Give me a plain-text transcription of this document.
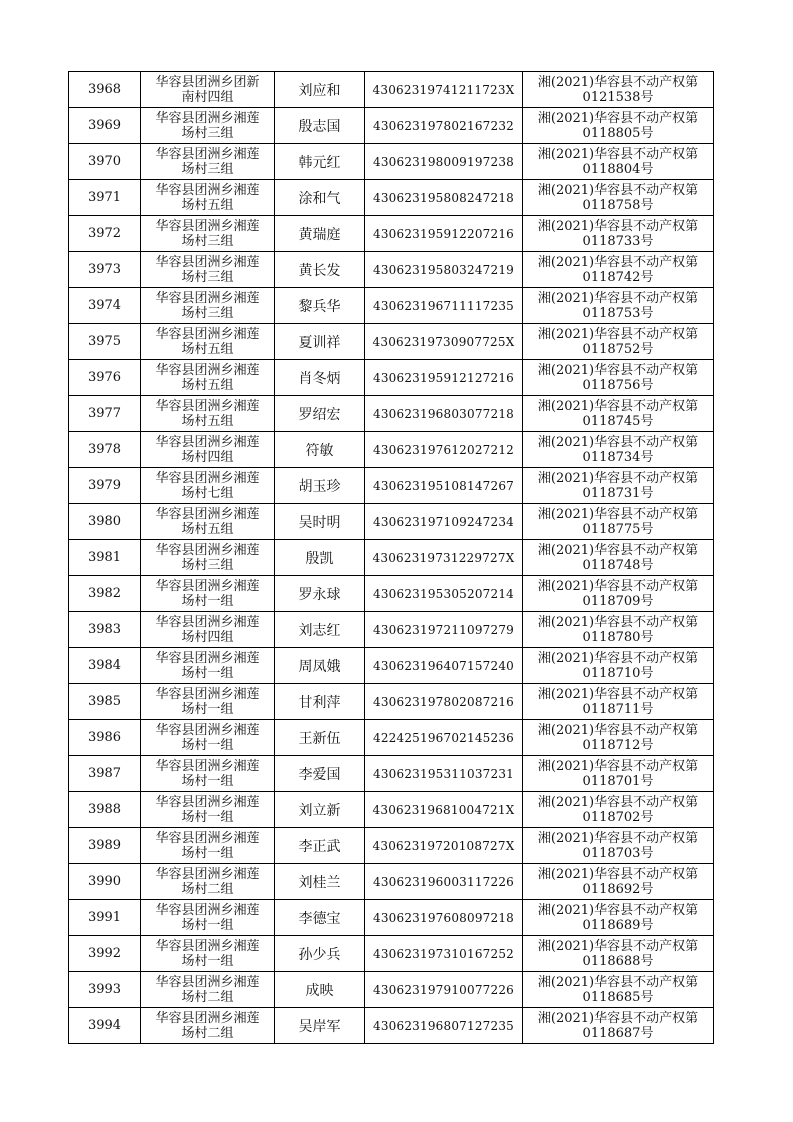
3968	华容县团洲乡团新
南村四组	刘应和	43062319741211723X	湘(2021)华容县不动产权第
0121538号

3969	华容县团洲乡湘莲
场村三组	殷志国	430623197802167232	湘(2021)华容县不动产权第
0118805号

3970	华容县团洲乡湘莲
场村三组	韩元红	430623198009197238	湘(2021)华容县不动产权第
0118804号

3971	华容县团洲乡湘莲
场村五组	涂和气	430623195808247218	湘(2021)华容县不动产权第
0118758号

3972	华容县团洲乡湘莲
场村三组	黄瑞庭	430623195912207216	湘(2021)华容县不动产权第
0118733号

3973	华容县团洲乡湘莲
场村三组	黄长发	430623195803247219	湘(2021)华容县不动产权第
0118742号

3974	华容县团洲乡湘莲
场村三组	黎兵华	430623196711117235	湘(2021)华容县不动产权第
0118753号

3975	华容县团洲乡湘莲
场村五组	夏训祥	43062319730907725X	湘(2021)华容县不动产权第
0118752号

3976	华容县团洲乡湘莲
场村五组	肖冬炳	430623195912127216	湘(2021)华容县不动产权第
0118756号

3977	华容县团洲乡湘莲
场村五组	罗绍宏	430623196803077218	湘(2021)华容县不动产权第
0118745号

3978	华容县团洲乡湘莲
场村四组	符敏	430623197612027212	湘(2021)华容县不动产权第
0118734号

3979	华容县团洲乡湘莲
场村七组	胡玉珍	430623195108147267	湘(2021)华容县不动产权第
0118731号

3980	华容县团洲乡湘莲
场村五组	吴时明	430623197109247234	湘(2021)华容县不动产权第
0118775号

3981	华容县团洲乡湘莲
场村三组	殷凯	43062319731229727X	湘(2021)华容县不动产权第
0118748号

3982	华容县团洲乡湘莲
场村一组	罗永球	430623195305207214	湘(2021)华容县不动产权第
0118709号

3983	华容县团洲乡湘莲
场村四组	刘志红	430623197211097279	湘(2021)华容县不动产权第
0118780号

3984	华容县团洲乡湘莲
场村一组	周凤娥	430623196407157240	湘(2021)华容县不动产权第
0118710号

3985	华容县团洲乡湘莲
场村一组	甘利萍	430623197802087216	湘(2021)华容县不动产权第
0118711号

3986	华容县团洲乡湘莲
场村一组	王新伍	422425196702145236	湘(2021)华容县不动产权第
0118712号

3987	华容县团洲乡湘莲
场村一组	李爱国	430623195311037231	湘(2021)华容县不动产权第
0118701号

3988	华容县团洲乡湘莲
场村一组	刘立新	43062319681004721X	湘(2021)华容县不动产权第
0118702号

3989	华容县团洲乡湘莲
场村一组	李正武	43062319720108727X	湘(2021)华容县不动产权第
0118703号

3990	华容县团洲乡湘莲
场村二组	刘桂兰	430623196003117226	湘(2021)华容县不动产权第
0118692号

3991	华容县团洲乡湘莲
场村一组	李德宝	430623197608097218	湘(2021)华容县不动产权第
0118689号

3992	华容县团洲乡湘莲
场村一组	孙少兵	430623197310167252	湘(2021)华容县不动产权第
0118688号

3993	华容县团洲乡湘莲
场村二组	成映	430623197910077226	湘(2021)华容县不动产权第
0118685号

3994	华容县团洲乡湘莲
场村二组	吴岸军	430623196807127235	湘(2021)华容县不动产权第
0118687号
